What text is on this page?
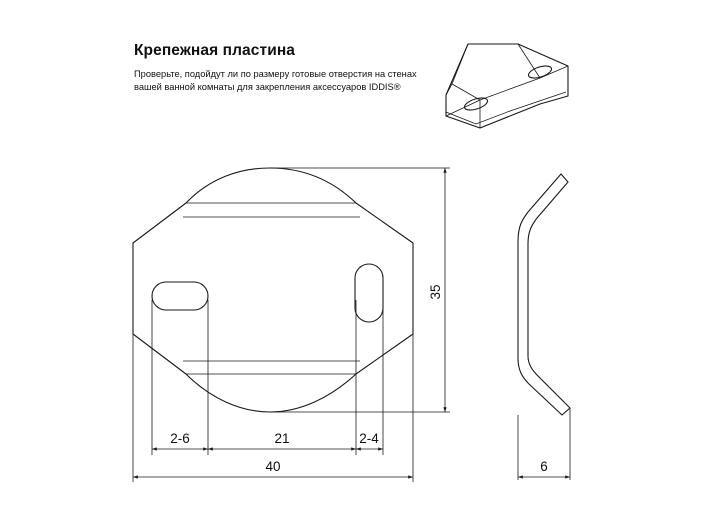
Крепежная пластина

Проверьте, подойдут ли по размеру готовые отверстия на стенах вашей ванной комнаты для закрепления аксессуаров IDDIS®

2-6	21	2-4
40
35
6
